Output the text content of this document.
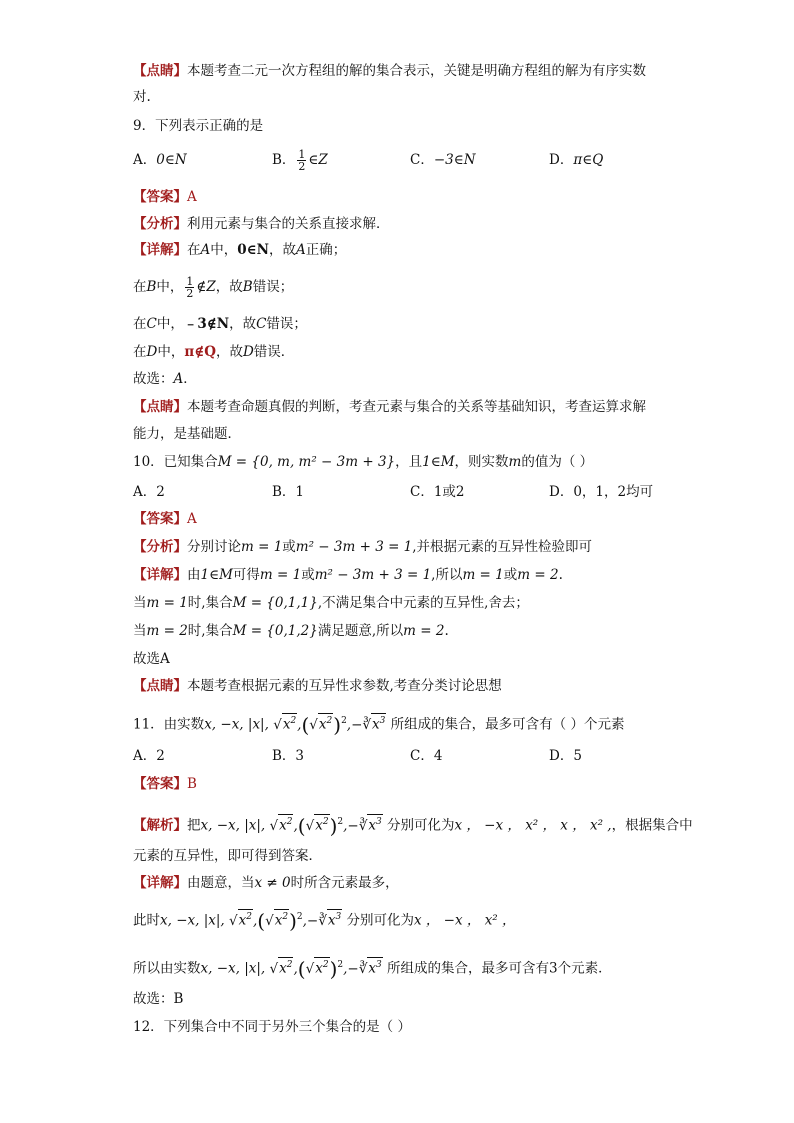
【点睛】本题考查二元一次方程组的解的集合表示，关键是明确方程组的解为有序实数
对.
9．下列表示正确的是
A．0∈N	B． $\frac{1}{2}$ ∈Z	C．−3∈N	D．π∈Q
【答案】A
【分析】利用元素与集合的关系直接求解．
【详解】在A中，0∈N，故A正确；
在B中， $\frac{1}{2}$ ∉Z，故B错误；
在C中，﹣3∉N，故C错误；
在D中，π∉Q，故D错误．
故选：A．
【点睛】本题考查命题真假的判断，考查元素与集合的关系等基础知识，考查运算求解
能力，是基础题．
10．已知集合M = {0, m, m² − 3m + 3}，且1∈M，则实数m的值为（ ）
A．2	B．1	C．1或2	D．0，1，2均可
【答案】A
【分析】分别讨论m = 1或m² − 3m + 3 = 1,并根据元素的互异性检验即可
【详解】由1∈M可得m = 1或m² − 3m + 3 = 1,所以m = 1或m = 2.
当m = 1时,集合M = {0,1,1},不满足集合中元素的互异性,舍去；
当m = 2时,集合M = {0,1,2}满足题意,所以m = 2.
故选A
【点睛】本题考查根据元素的互异性求参数,考查分类讨论思想
11．由实数x, −x, |x|, $√x^2,(√x^2)^2,-∛x^3$ 所组成的集合，最多可含有（ ）个元素
A．2	B．3	C．4	D．5
【答案】B
【解析】把x, −x, |x|, $√x^2,(√x^2)^2,-∛x^3$ 分别可化为x ， −x ， x² ， x ， x² ,，根据集合中
元素的互异性，即可得到答案．
【详解】由题意，当x ≠ 0时所含元素最多，
此时x, −x, |x|, $√x^2,(√x^2)^2,-∛x^3$ 分别可化为x ， −x ， x² ，
所以由实数x, −x, |x|, $√x^2,(√x^2)^2,-∛x^3$ 所组成的集合，最多可含有3个元素．
故选：B
12．下列集合中不同于另外三个集合的是（ ）
